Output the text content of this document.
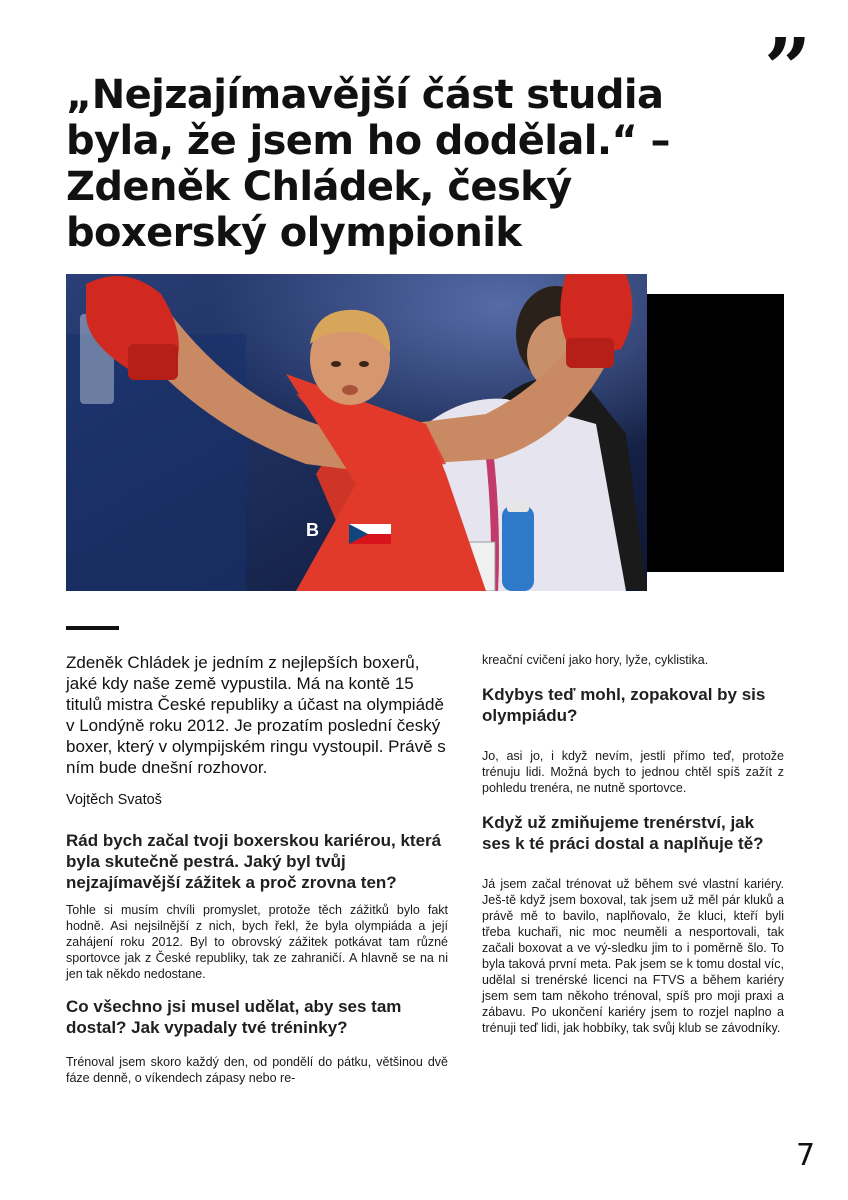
”
„Nejzajímavější část studia byla, že jsem ho dodělal.“ – Zdeněk Chládek, český boxerský olympionik
B

Zdeněk Chládek je jedním z nejlepších boxerů, jaké kdy naše země vypustila. Má na kontě 15 titulů mistra České republiky a účast na olympiádě v Londýně roku 2012. Je prozatím poslední český boxer, který v olympijském ringu vystoupil. Právě s ním bude dnešní rozhovor.

Vojtěch Svatoš

Rád bych začal tvoji boxerskou kariérou, která byla skutečně pestrá. Jaký byl tvůj nejzajímavější zážitek a proč zrovna ten?

Tohle si musím chvíli promyslet, protože těch zážitků bylo fakt hodně. Asi nejsilnější z nich, bych řekl, že byla olympiáda a její zahájení roku 2012. Byl to obrovský zážitek potkávat tam různé sportovce jak z České republiky, tak ze zahraničí. A hlavně se na ni jen tak někdo nedostane.

Co všechno jsi musel udělat, aby ses tam dostal? Jak vypadaly tvé tréninky?

Trénoval jsem skoro každý den, od pondělí do pátku, většinou dvě fáze denně, o víkendech zápasy nebo re-

kreační cvičení jako hory, lyže, cyklistika.

Kdybys teď mohl, zopakoval by sis olympiádu?

Jo, asi jo, i když nevím, jestli přímo teď, protože trénuju lidi. Možná bych to jednou chtěl spíš zažít z pohledu trenéra, ne nutně sportovce.

Když už zmiňujeme trenérství, jak ses k té práci dostal a naplňuje tě?

Já jsem začal trénovat už během své vlastní kariéry. Ješ-tě když jsem boxoval, tak jsem už měl pár kluků a právě mě to bavilo, naplňovalo, že kluci, kteří byli třeba kuchaři, nic moc neuměli a nesportovali, tak začali boxovat a ve vý-sledku jim to i poměrně šlo. To byla taková první meta. Pak jsem se k tomu dostal víc, udělal si trenérské licenci na FTVS a během kariéry jsem sem tam někoho trénoval, spíš pro moji praxi a zábavu. Po ukončení kariéry jsem to rozjel naplno a trénuji teď lidi, jak hobbíky, tak svůj klub se závodníky.

7
